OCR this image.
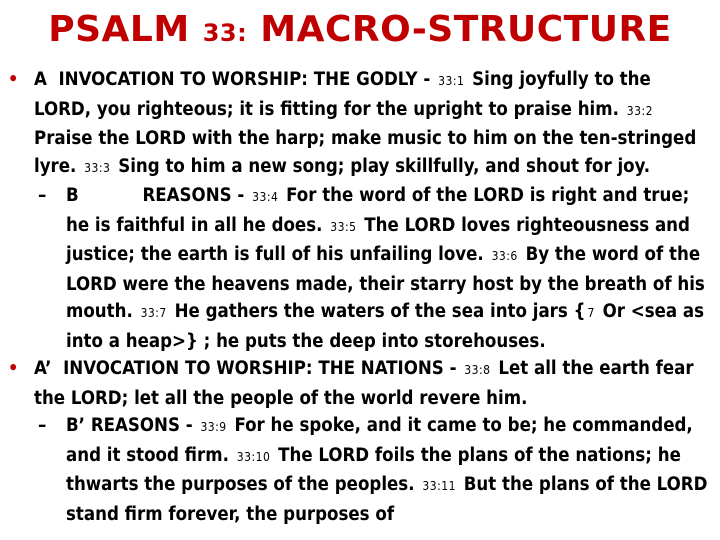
PSALM 33: MACRO-STRUCTURE
• A INVOCATION TO WORSHIP: THE GODLY - 33:1 Sing joyfully to the LORD, you righteous; it is fitting for the upright to praise him. 33:2 Praise the LORD with the harp; make music to him on the ten-stringed lyre. 33:3 Sing to him a new song; play skillfully, and shout for joy.
– B	REASONS - 33:4 For the word of the LORD is right and true; he is faithful in all he does. 33:5 The LORD loves righteousness and justice; the earth is full of his unfailing love. 33:6 By the word of the LORD were the heavens made, their starry host by the breath of his mouth. 33:7 He gathers the waters of the sea into jars { 7 Or <sea as into a heap>} ; he puts the deep into storehouses.
• A’ INVOCATION TO WORSHIP: THE NATIONS - 33:8 Let all the earth fear the LORD; let all the people of the world revere him.
– B’ REASONS - 33:9 For he spoke, and it came to be; he commanded, and it stood firm. 33:10 The LORD foils the plans of the nations; he thwarts the purposes of the peoples. 33:11 But the plans of the LORD stand firm forever, the purposes of
